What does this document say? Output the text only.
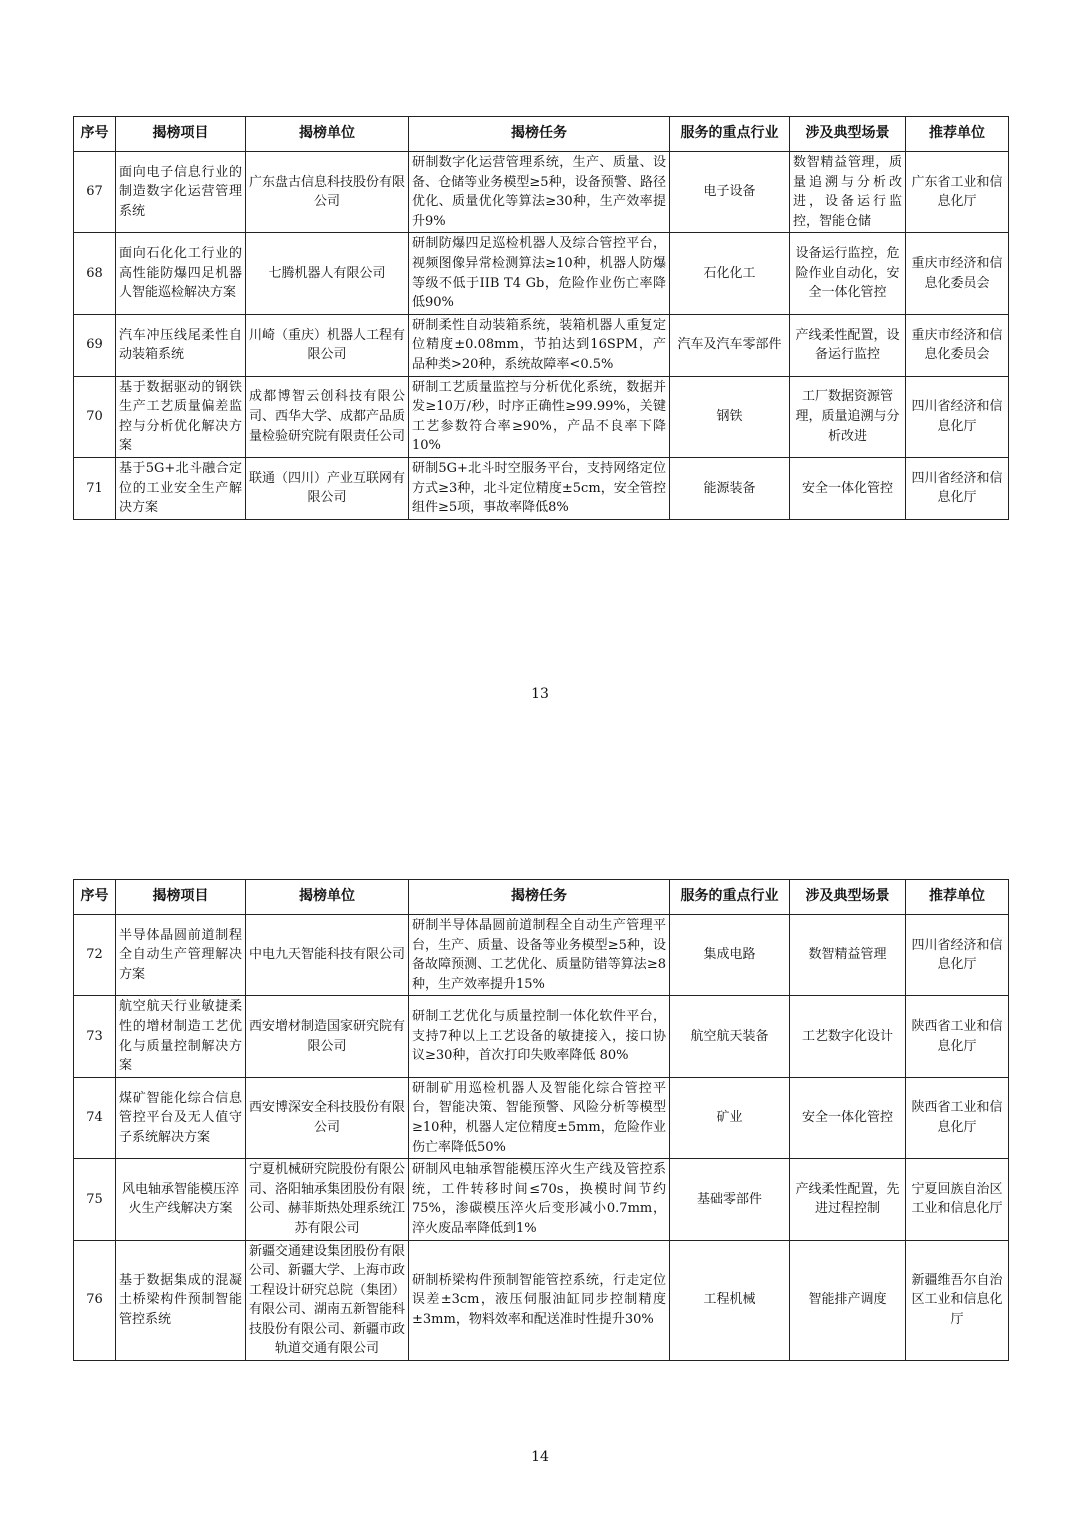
序号	揭榜项目	揭榜单位	揭榜任务	服务的重点行业	涉及典型场景	推荐单位
67	面向电子信息行业的制造数字化运营管理系统	广东盘古信息科技股份有限公司	研制数字化运营管理系统，生产、质量、设备、仓储等业务模型≥5种，设备预警、路径优化、质量优化等算法≥30种，生产效率提升9%	电子设备	数智精益管理，质量追溯与分析改进，设备运行监控，智能仓储	广东省工业和信息化厅
68	面向石化化工行业的高性能防爆四足机器人智能巡检解决方案	七腾机器人有限公司	研制防爆四足巡检机器人及综合管控平台，视频图像异常检测算法≥10种，机器人防爆等级不低于IIB T4 Gb，危险作业伤亡率降低90%	石化化工	设备运行监控，危险作业自动化，安全一体化管控	重庆市经济和信息化委员会
69	汽车冲压线尾柔性自动装箱系统	川崎（重庆）机器人工程有限公司	研制柔性自动装箱系统，装箱机器人重复定位精度±0.08mm，节拍达到16SPM，产品种类>20种，系统故障率<0.5%	汽车及汽车零部件	产线柔性配置，设备运行监控	重庆市经济和信息化委员会
70	基于数据驱动的钢铁生产工艺质量偏差监控与分析优化解决方案	成都博智云创科技有限公司、西华大学、成都产品质量检验研究院有限责任公司	研制工艺质量监控与分析优化系统，数据并发≥10万/秒，时序正确性≥99.99%，关键工艺参数符合率≥90%，产品不良率下降10%	钢铁	工厂数据资源管理，质量追溯与分析改进	四川省经济和信息化厅
71	基于5G+北斗融合定位的工业安全生产解决方案	联通（四川）产业互联网有限公司	研制5G+北斗时空服务平台，支持网络定位方式≥3种，北斗定位精度±5cm，安全管控组件≥5项，事故率降低8%	能源装备	安全一体化管控	四川省经济和信息化厅
13
序号	揭榜项目	揭榜单位	揭榜任务	服务的重点行业	涉及典型场景	推荐单位
72	半导体晶圆前道制程全自动生产管理解决方案	中电九天智能科技有限公司	研制半导体晶圆前道制程全自动生产管理平台，生产、质量、设备等业务模型≥5种，设备故障预测、工艺优化、质量防错等算法≥8种，生产效率提升15%	集成电路	数智精益管理	四川省经济和信息化厅
73	航空航天行业敏捷柔性的增材制造工艺优化与质量控制解决方案	西安增材制造国家研究院有限公司	研制工艺优化与质量控制一体化软件平台，支持7种以上工艺设备的敏捷接入，接口协议≥30种，首次打印失败率降低 80%	航空航天装备	工艺数字化设计	陕西省工业和信息化厅
74	煤矿智能化综合信息管控平台及无人值守子系统解决方案	西安博深安全科技股份有限公司	研制矿用巡检机器人及智能化综合管控平台，智能决策、智能预警、风险分析等模型≥10种，机器人定位精度±5mm，危险作业伤亡率降低50%	矿业	安全一体化管控	陕西省工业和信息化厅
75	风电轴承智能模压淬火生产线解决方案	宁夏机械研究院股份有限公司、洛阳轴承集团股份有限公司、赫菲斯热处理系统江苏有限公司	研制风电轴承智能模压淬火生产线及管控系统，工件转移时间≤70s，换模时间节约75%，渗碳模压淬火后变形减小0.7mm，淬火废品率降低到1%	基础零部件	产线柔性配置，先进过程控制	宁夏回族自治区工业和信息化厅
76	基于数据集成的混凝土桥梁构件预制智能管控系统	新疆交通建设集团股份有限公司、新疆大学、上海市政工程设计研究总院（集团）有限公司、湖南五新智能科技股份有限公司、新疆市政轨道交通有限公司	研制桥梁构件预制智能管控系统，行走定位误差±3cm，液压伺服油缸同步控制精度±3mm，物料效率和配送准时性提升30%	工程机械	智能排产调度	新疆维吾尔自治区工业和信息化厅
14
